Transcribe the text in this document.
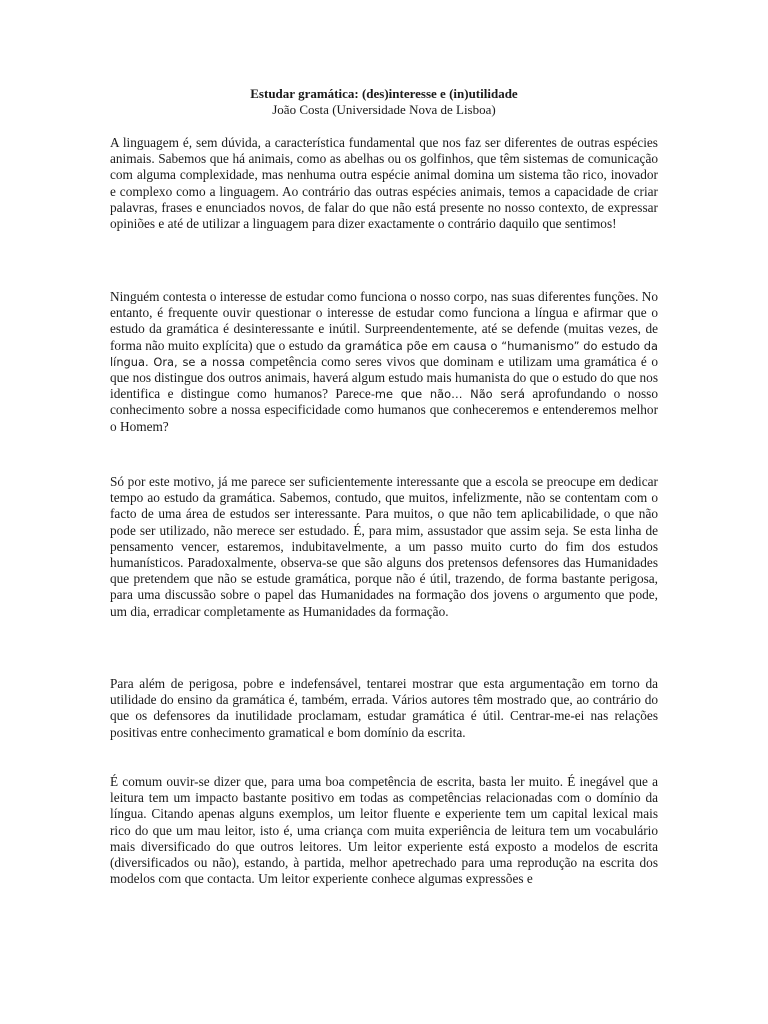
Estudar gramática: (des)interesse e (in)utilidade
João Costa (Universidade Nova de Lisboa)

A linguagem é, sem dúvida, a característica fundamental que nos faz ser diferentes de outras espécies animais. Sabemos que há animais, como as abelhas ou os golfinhos, que têm sistemas de comunicação com alguma complexidade, mas nenhuma outra espécie animal domina um sistema tão rico, inovador e complexo como a linguagem. Ao contrário das outras espécies animais, temos a capacidade de criar palavras, frases e enunciados novos, de falar do que não está presente no nosso contexto, de expressar opiniões e até de utilizar a linguagem para dizer exactamente o contrário daquilo que sentimos!

Ninguém contesta o interesse de estudar como funciona o nosso corpo, nas suas diferentes funções. No entanto, é frequente ouvir questionar o interesse de estudar como funciona a língua e afirmar que o estudo da gramática é desinteressante e inútil. Surpreendentemente, até se defende (muitas vezes, de forma não muito explícita) que o estudo da gramática põe em causa o “humanismo” do estudo da língua. Ora, se a nossa competência como seres vivos que dominam e utilizam uma gramática é o que nos distingue dos outros animais, haverá algum estudo mais humanista do que o estudo do que nos identifica e distingue como humanos? Parece-me que não… Não será aprofundando o nosso conhecimento sobre a nossa especificidade como humanos que conheceremos e entenderemos melhor o Homem?

Só por este motivo, já me parece ser suficientemente interessante que a escola se preocupe em dedicar tempo ao estudo da gramática. Sabemos, contudo, que muitos, infelizmente, não se contentam com o facto de uma área de estudos ser interessante. Para muitos, o que não tem aplicabilidade, o que não pode ser utilizado, não merece ser estudado. É, para mim, assustador que assim seja. Se esta linha de pensamento vencer, estaremos, indubitavelmente, a um passo muito curto do fim dos estudos humanísticos. Paradoxalmente, observa-se que são alguns dos pretensos defensores das Humanidades que pretendem que não se estude gramática, porque não é útil, trazendo, de forma bastante perigosa, para uma discussão sobre o papel das Humanidades na formação dos jovens o argumento que pode, um dia, erradicar completamente as Humanidades da formação.

Para além de perigosa, pobre e indefensável, tentarei mostrar que esta argumentação em torno da utilidade do ensino da gramática é, também, errada. Vários autores têm mostrado que, ao contrário do que os defensores da inutilidade proclamam, estudar gramática é útil. Centrar-me-ei nas relações positivas entre conhecimento gramatical e bom domínio da escrita.

É comum ouvir-se dizer que, para uma boa competência de escrita, basta ler muito. É inegável que a leitura tem um impacto bastante positivo em todas as competências relacionadas com o domínio da língua. Citando apenas alguns exemplos, um leitor fluente e experiente tem um capital lexical mais rico do que um mau leitor, isto é, uma criança com muita experiência de leitura tem um vocabulário mais diversificado do que outros leitores. Um leitor experiente está exposto a modelos de escrita (diversificados ou não), estando, à partida, melhor apetrechado para uma reprodução na escrita dos modelos com que contacta. Um leitor experiente conhece algumas expressões e
